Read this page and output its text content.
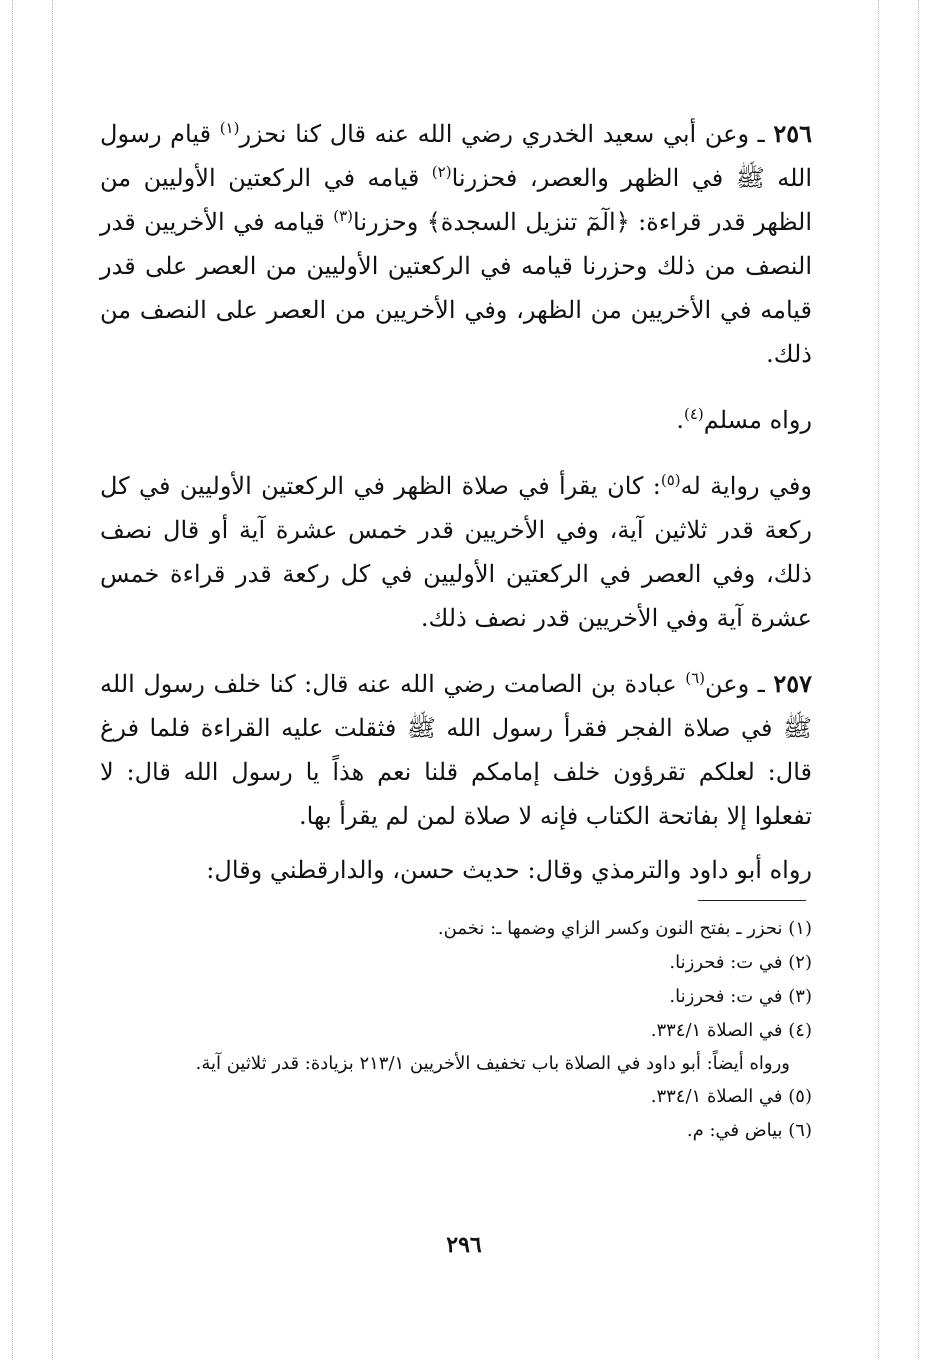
٢٥٦ ـ وعن أبي سعيد الخدري رضي الله عنه قال كنا نحزر$^{(١)}$ قيام رسول الله ﷺ في الظهر والعصر، فحزرنا$^{(٢)}$ قيامه في الركعتين الأوليين من الظهر قدر قراءة: ﴿الٓمٓ تنزيل السجدة﴾ وحزرنا$^{(٣)}$ قيامه في الأخريين قدر النصف من ذلك وحزرنا قيامه في الركعتين الأوليين من العصر على قدر قيامه في الأخريين من الظهر، وفي الأخريين من العصر على النصف من ذلك.

رواه مسلم$^{(٤)}$.

وفي رواية له$^{(٥)}$: كان يقرأ في صلاة الظهر في الركعتين الأوليين في كل ركعة قدر ثلاثين آية، وفي الأخريين قدر خمس عشرة آية أو قال نصف ذلك، وفي العصر في الركعتين الأوليين في كل ركعة قدر قراءة خمس عشرة آية وفي الأخريين قدر نصف ذلك.

٢٥٧ ـ وعن$^{(٦)}$ عبادة بن الصامت رضي الله عنه قال: كنا خلف رسول الله ﷺ في صلاة الفجر فقرأ رسول الله ﷺ فثقلت عليه القراءة فلما فرغ قال: لعلكم تقرؤون خلف إمامكم قلنا نعم هذاً يا رسول الله قال: لا تفعلوا إلا بفاتحة الكتاب فإنه لا صلاة لمن لم يقرأ بها.

رواه أبو داود والترمذي وقال: حديث حسن، والدارقطني وقال:

(١) نحزر ـ بفتح النون وكسر الزاي وضمها ـ: نخمن.

(٢) في ت: فحرزنا.

(٣) في ت: فحرزنا.

(٤) في الصلاة ٣٣٤/١.

ورواه أيضاً: أبو داود في الصلاة باب تخفيف الأخريين ٢١٣/١ بزيادة: قدر ثلاثين آية.

(٥) في الصلاة ٣٣٤/١.

(٦) بياض في: م.

٢٩٦
